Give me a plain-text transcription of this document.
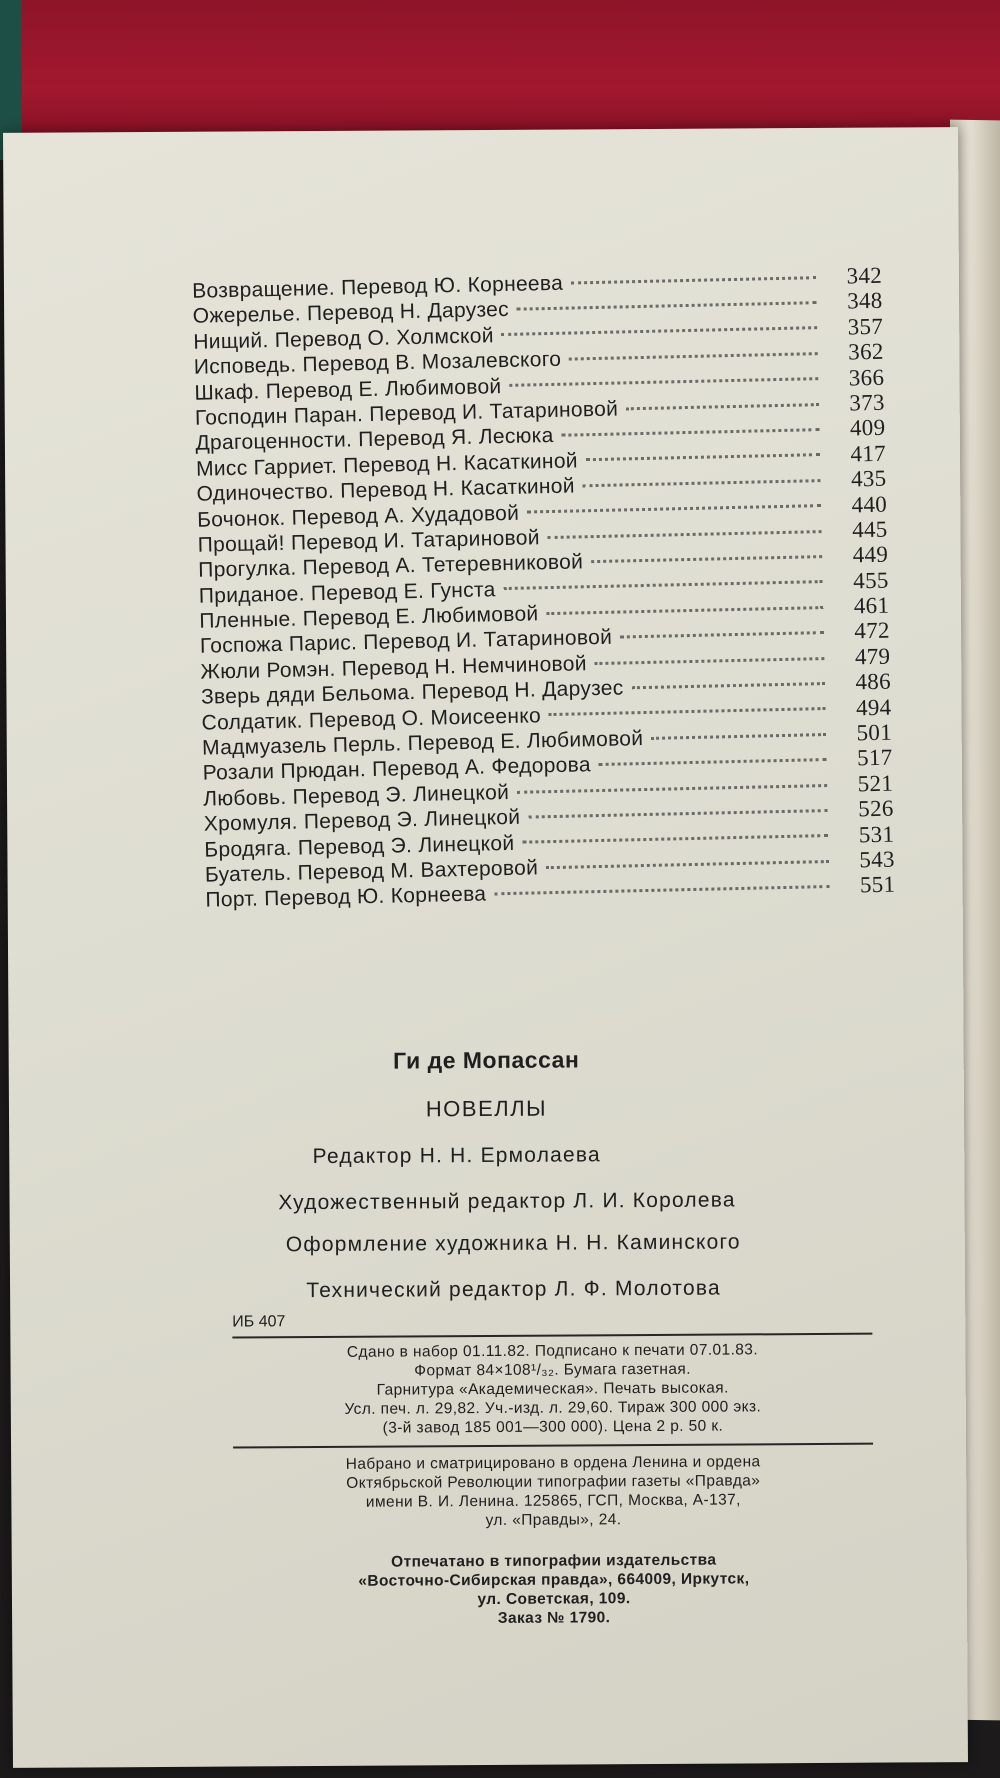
Возвращение. Перевод Ю. Корнеева	342
Ожерелье. Перевод Н. Дарузес	348
Нищий. Перевод О. Холмской	357
Исповедь. Перевод В. Мозалевского	362
Шкаф. Перевод Е. Любимовой	366
Господин Паран. Перевод И. Татариновой	373
Драгоценности. Перевод Я. Лесюка	409
Мисс Гарриет. Перевод Н. Касаткиной	417
Одиночество. Перевод Н. Касаткиной	435
Бочонок. Перевод А. Худадовой	440
Прощай! Перевод И. Татариновой	445
Прогулка. Перевод А. Тетеревниковой	449
Приданое. Перевод Е. Гунста	455
Пленные. Перевод Е. Любимовой	461
Госпожа Парис. Перевод И. Татариновой	472
Жюли Ромэн. Перевод Н. Немчиновой	479
Зверь дяди Бельома. Перевод Н. Дарузес	486
Солдатик. Перевод О. Моисеенко	494
Мадмуазель Перль. Перевод Е. Любимовой	501
Розали Прюдан. Перевод А. Федорова	517
Любовь. Перевод Э. Линецкой	521
Хромуля. Перевод Э. Линецкой	526
Бродяга. Перевод Э. Линецкой	531
Буатель. Перевод М. Вахтеровой	543
Порт. Перевод Ю. Корнеева	551
Ги де Мопассан
НОВЕЛЛЫ
Редактор Н. Н. Ермолаева
Художественный редактор Л. И. Королева
Оформление художника Н. Н. Каминского
Технический редактор Л. Ф. Молотова
ИБ 407
Сдано в набор 01.11.82. Подписано к печати 07.01.83.
Формат 84×108¹/₃₂. Бумага газетная.
Гарнитура «Академическая». Печать высокая.
Усл. печ. л. 29,82. Уч.-изд. л. 29,60. Тираж 300 000 экз.
(3-й завод 185 001—300 000). Цена 2 р. 50 к.
Набрано и сматрицировано в ордена Ленина и ордена
Октябрьской Революции типографии газеты «Правда»
имени В. И. Ленина. 125865, ГСП, Москва, А-137,
ул. «Правды», 24.
Отпечатано в типографии издательства
«Восточно-Сибирская правда», 664009, Иркутск,
ул. Советская, 109.
Заказ № 1790.
